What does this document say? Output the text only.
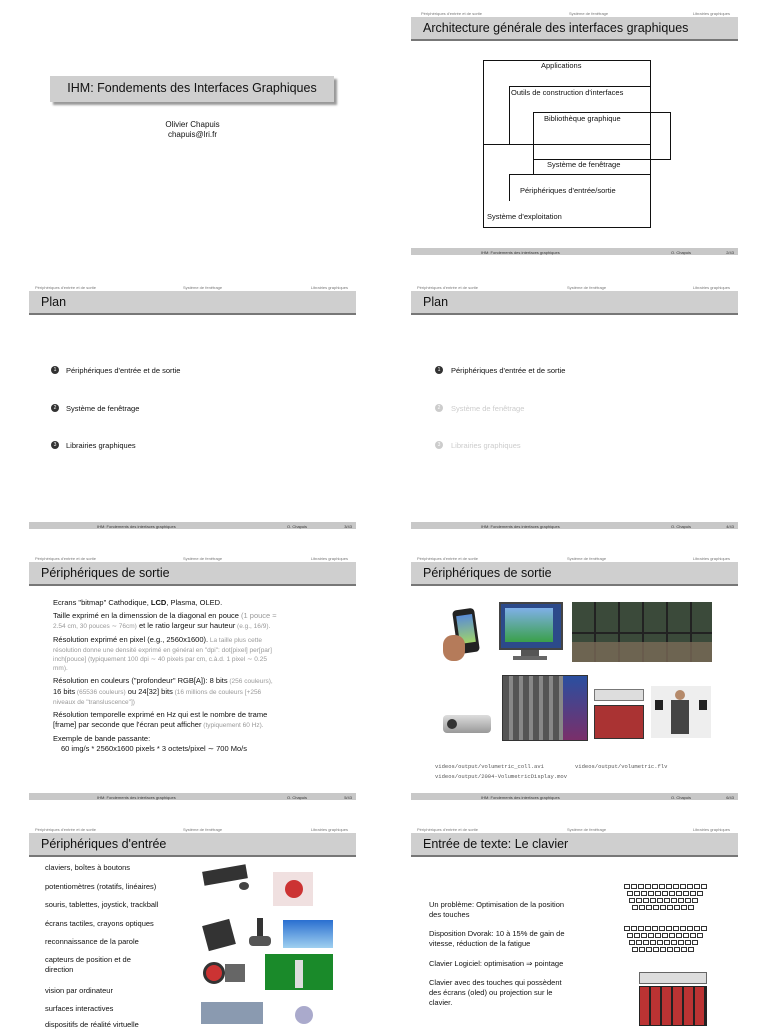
IHM: Fondements des Interfaces Graphiques
Olivier Chapuis
chapuis@lri.fr
Périphériques d'entrée et de sortie	Système de fenêtrage	Librairies graphiques
Architecture générale des interfaces graphiques
Applications
Outils de construction d'interfaces
Bibliothèque graphique
Système de fenêtrage
Périphériques d'entrée/sortie
Système d'exploitation
IHM: Fondements des interfaces graphiques	O. Chapuis	2/43
Périphériques d'entrée et de sortie	Système de fenêtrage	Librairies graphiques
Plan
1	Périphériques d'entrée et de sortie
2	Système de fenêtrage
3	Librairies graphiques
IHM: Fondements des interfaces graphiques	O. Chapuis	3/43
Périphériques d'entrée et de sortie	Système de fenêtrage	Librairies graphiques
Plan
1	Périphériques d'entrée et de sortie
2	Système de fenêtrage
3	Librairies graphiques
IHM: Fondements des interfaces graphiques	O. Chapuis	4/43
Périphériques d'entrée et de sortie	Système de fenêtrage	Librairies graphiques
Périphériques de sortie
Ecrans "bitmap" Cathodique, LCD, Plasma, OLED.
Taille exprimé en la dimenssion de la diagonal en pouce (1 pouce ≈
2.54 cm, 30 pouces ∼ 76cm) et le ratio largeur sur hauteur (e.g., 16/9).
Résolution exprimé en pixel (e.g., 2560x1600). La taille plus cette
résolution donne une densité exprimé en général en "dpi": dot[pixel] per[par]
inch[pouce] (typiquement 100 dpi ∼ 40 pixels par cm, c.à.d. 1 pixel ∼ 0.25
mm).
Résolution en couleurs ("profondeur" RGB[A]): 8 bits (256 couleurs),
16 bits (65536 couleurs) ou 24[32] bits (16 millions de couleurs [+256
niveaux de "transluscence"])
Résolution temporelle exprimé en Hz qui est le nombre de trame
[frame] par seconde que l'écran peut afficher (typiquement 60 Hz).
Exemple de bande passante:
60 img/s * 2560x1600 pixels * 3 octets/pixel ∼ 700 Mo/s
IHM: Fondements des interfaces graphiques	O. Chapuis	5/43
Périphériques d'entrée et de sortie	Système de fenêtrage	Librairies graphiques
Périphériques de sortie
videos/output/volumetric_coll.avi	videos/output/volumetric.flv
videos/output/2004-VolumetricDisplay.mov
IHM: Fondements des interfaces graphiques	O. Chapuis	6/43
Périphériques d'entrée et de sortie	Système de fenêtrage	Librairies graphiques
Périphériques d'entrée
claviers, boîtes à boutons
potentiomètres (rotatifs, linéaires)
souris, tablettes, joystick, trackball
écrans tactiles, crayons optiques
reconnaissance de la parole
capteurs de position et de
direction
vision par ordinateur
surfaces interactives
dispositifs de réalité virtuelle
Périphériques d'entrée et de sortie	Système de fenêtrage	Librairies graphiques
Entrée de texte: Le clavier
Un problème: Optimisation de la position
des touches
Disposition Dvorak: 10 à 15% de gain de
vitesse, réduction de la fatigue
Clavier Logiciel: optimisation ⇒ pointage
Clavier avec des touches qui possèdent
des écrans (oled) ou projection sur le
clavier.
